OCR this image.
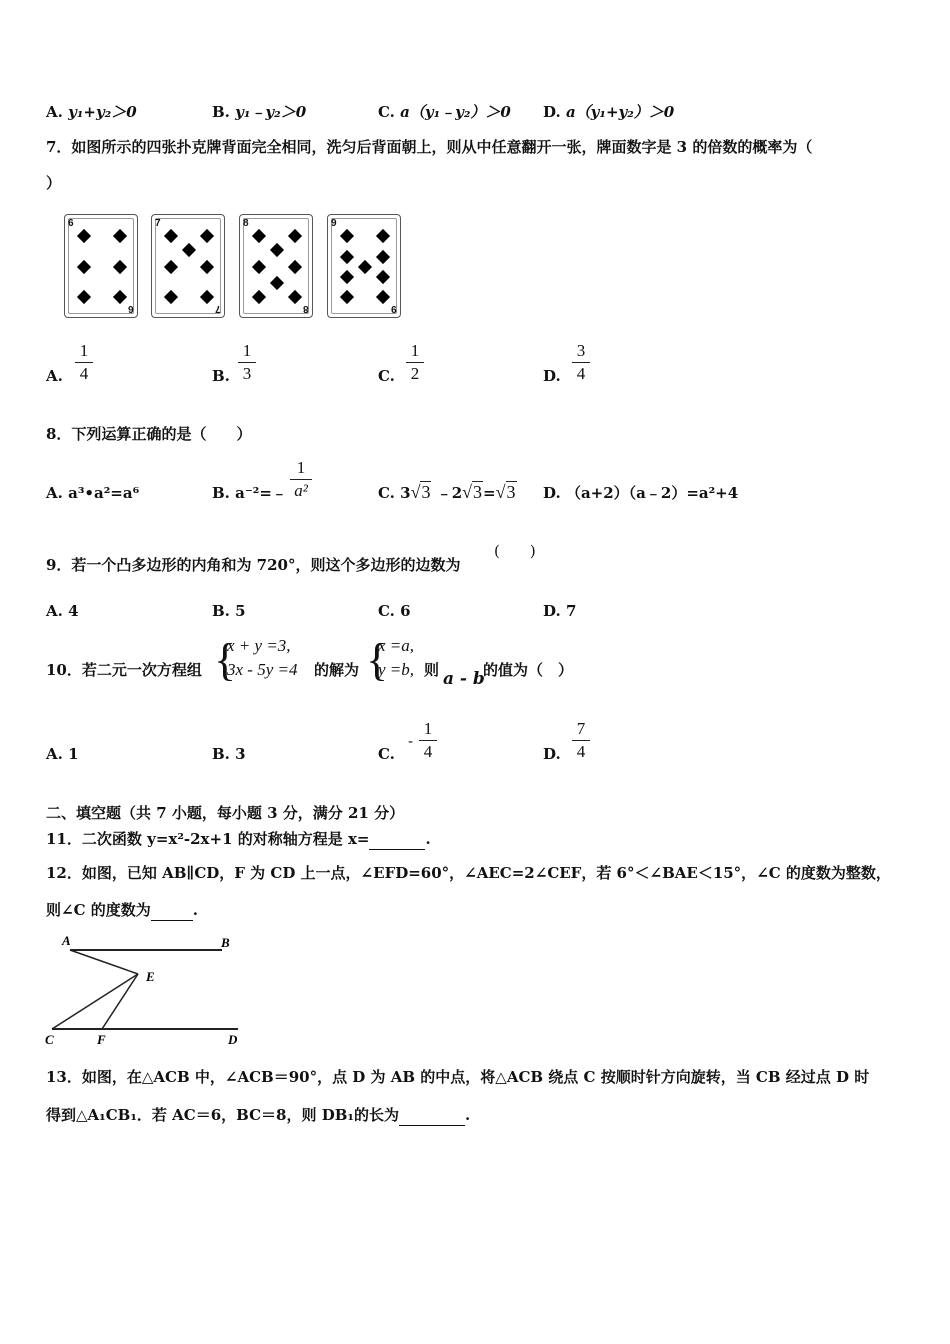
A. y₁+y₂＞0	B. y₁﹣y₂＞0	C. a（y₁﹣y₂）＞0 D. a（y₁+y₂）＞0
7．如图所示的四张扑克牌背面完全相同，洗匀后背面朝上，则从中任意翻开一张，牌面数字是 3 的倍数的概率为（
）
6
6
7
7
8
8
9
9
A.
1
4	B.
1
3	C.
1
2	D.
3
4
8．下列运算正确的是（　　）
A. a³•a²=a⁶	B. a⁻²=﹣
1
a²	C. 3√3 ﹣2√3=√3 D. （a+2）（a﹣2）=a²+4
9．若一个凸多边形的内角和为 720°，则这个多边形的边数为
(　　)
A. 4	B. 5	C. 6	D. 7
10．若二元一次方程组 {
x + y =3,
3x - 5y =4 的解为 {
x =a,
y =b, 则 a - b
的值为（　）
A. 1	B. 3	C.
-
1
4	D.
7
4
二、填空题（共 7 小题，每小题 3 分，满分 21 分）
11．二次函数 y=x²-2x+1 的对称轴方程是 x=	.
12．如图，已知 AB∥CD，F 为 CD 上一点，∠EFD=60°，∠AEC=2∠CEF，若 6°＜∠BAE＜15°，∠C 的度数为整数，
则∠C 的度数为	.
A	B
E
C	F	D
13．如图，在△ACB 中，∠ACB＝90°，点 D 为 AB 的中点，将△ACB 绕点 C 按顺时针方向旋转，当 CB 经过点 D 时
得到△A₁CB₁．若 AC＝6，BC＝8，则 DB₁的长为	.
